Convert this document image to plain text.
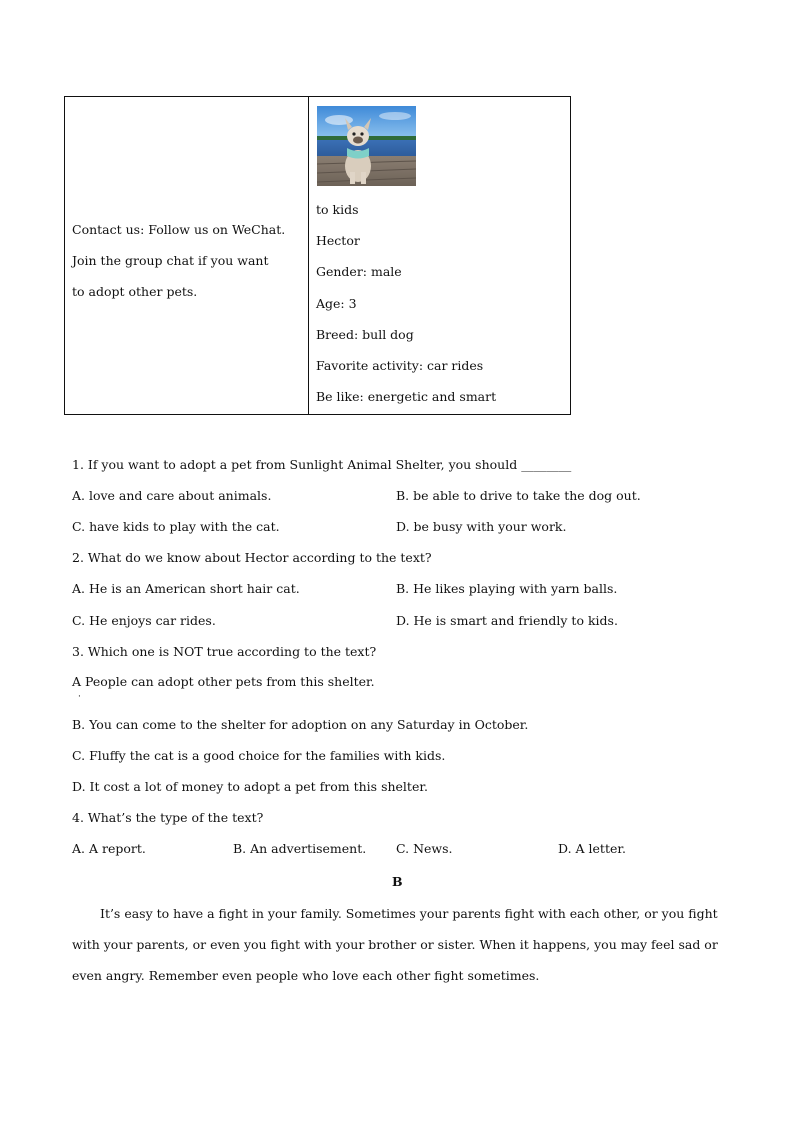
Contact us: Follow us on WeChat.
Join the group chat if you want
to adopt other pets.
to kids
Hector
Gender: male
Age: 3
Breed: bull dog
Favorite activity: car rides
Be like: energetic and smart
1. If you want to adopt a pet from Sunlight Animal Shelter, you should ________
A. love and care about animals.	B. be able to drive to take the dog out.
C. have kids to play with the cat.	D. be busy with your work.
2. What do we know about Hector according to the text?
A. He is an American short hair cat.	B. He likes playing with yarn balls.
C. He enjoys car rides.	D. He is smart and friendly to kids.
3. Which one is NOT true according to the text?
A People can adopt other pets from this shelter.
·
B. You can come to the shelter for adoption on any Saturday in October.
C. Fluffy the cat is a good choice for the families with kids.
D. It cost a lot of money to adopt a pet from this shelter.
4. What’s the type of the text?
A. A report.	B. An advertisement. C. News.	D. A letter.
B
It’s easy to have a fight in your family. Sometimes your parents fight with each other, or you fight with your parents, or even you fight with your brother or sister. When it happens, you may feel sad or even angry. Remember even people who love each other fight sometimes.
